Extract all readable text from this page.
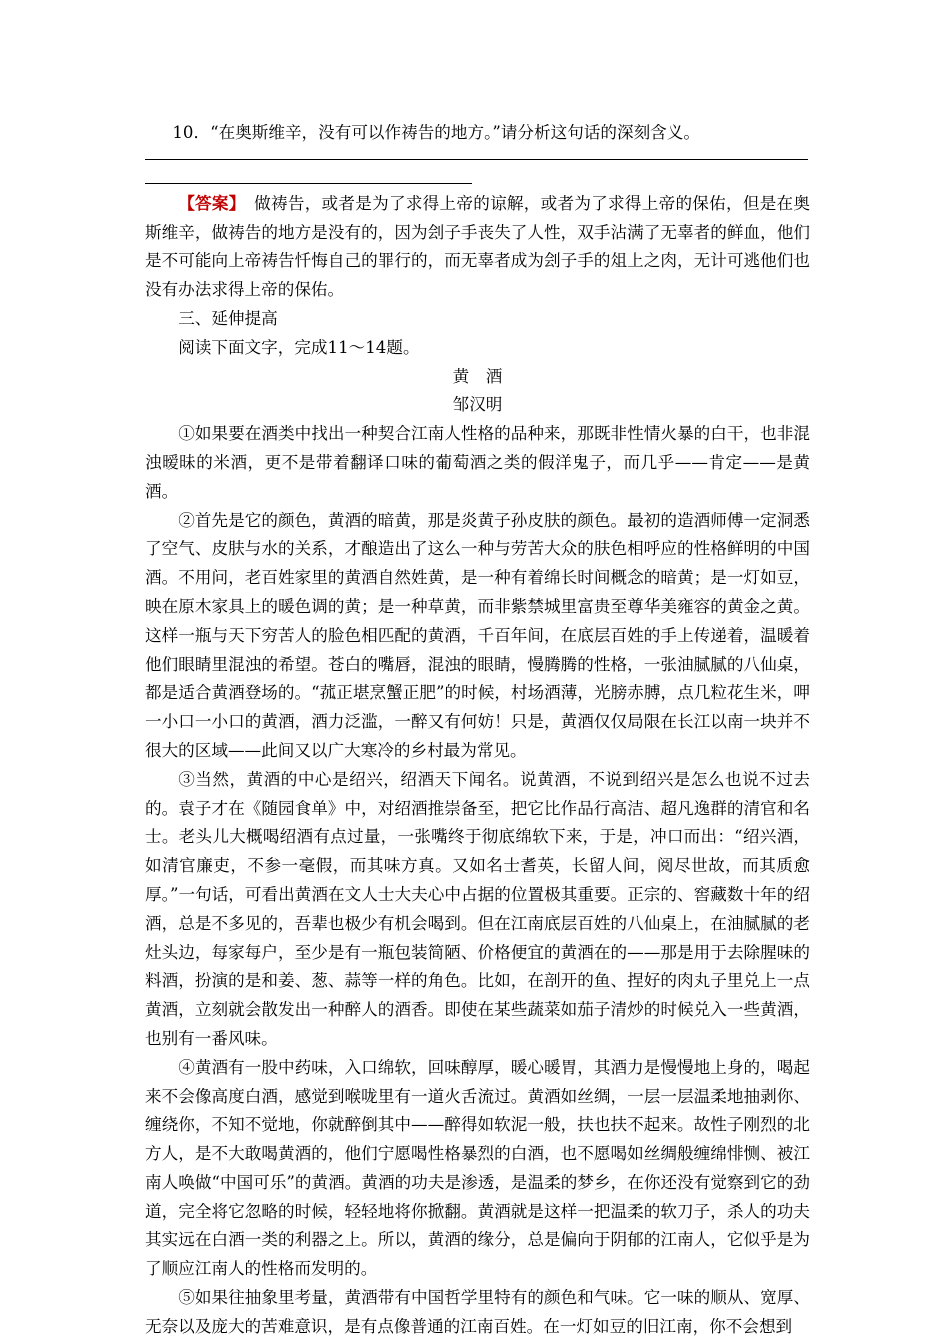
10．“在奥斯维辛，没有可以作祷告的地方。”请分析这句话的深刻含义。

【答案】　做祷告，或者是为了求得上帝的谅解，或者为了求得上帝的保佑，但是在奥斯维辛，做祷告的地方是没有的，因为刽子手丧失了人性，双手沾满了无辜者的鲜血，他们是不可能向上帝祷告忏悔自己的罪行的，而无辜者成为刽子手的俎上之肉，无计可逃他们也没有办法求得上帝的保佑。

三、延伸提高

阅读下面文字，完成11～14题。

黄　酒

邹汉明

①如果要在酒类中找出一种契合江南人性格的品种来，那既非性情火暴的白干，也非混浊暧昧的米酒，更不是带着翻译口味的葡萄酒之类的假洋鬼子，而几乎——肯定——是黄酒。

②首先是它的颜色，黄酒的暗黄，那是炎黄子孙皮肤的颜色。最初的造酒师傅一定洞悉了空气、皮肤与水的关系，才酿造出了这么一种与劳苦大众的肤色相呼应的性格鲜明的中国酒。不用问，老百姓家里的黄酒自然姓黄，是一种有着绵长时间概念的暗黄；是一灯如豆，映在原木家具上的暖色调的黄；是一种草黄，而非紫禁城里富贵至尊华美雍容的黄金之黄。这样一瓶与天下穷苦人的脸色相匹配的黄酒，千百年间，在底层百姓的手上传递着，温暖着他们眼睛里混浊的希望。苍白的嘴唇，混浊的眼睛，慢腾腾的性格，一张油腻腻的八仙桌，都是适合黄酒登场的。“菰正堪烹蟹正肥”的时候，村场酒薄，光膀赤膊，点几粒花生米，呷一小口一小口的黄酒，酒力泛滥，一醉又有何妨！只是，黄酒仅仅局限在长江以南一块并不很大的区域——此间又以广大寒冷的乡村最为常见。

③当然，黄酒的中心是绍兴，绍酒天下闻名。说黄酒，不说到绍兴是怎么也说不过去的。袁子才在《随园食单》中，对绍酒推崇备至，把它比作品行高洁、超凡逸群的清官和名士。老头儿大概喝绍酒有点过量，一张嘴终于彻底绵软下来，于是，冲口而出：“绍兴酒，如清官廉吏，不参一毫假，而其味方真。又如名士耆英，长留人间，阅尽世故，而其质愈厚。”一句话，可看出黄酒在文人士大夫心中占据的位置极其重要。正宗的、窖藏数十年的绍酒，总是不多见的，吾辈也极少有机会喝到。但在江南底层百姓的八仙桌上，在油腻腻的老灶头边，每家每户，至少是有一瓶包装简陋、价格便宜的黄酒在的——那是用于去除腥味的料酒，扮演的是和姜、葱、蒜等一样的角色。比如，在剖开的鱼、捏好的肉丸子里兑上一点黄酒，立刻就会散发出一种醉人的酒香。即使在某些蔬菜如茄子清炒的时候兑入一些黄酒，也别有一番风味。

④黄酒有一股中药味，入口绵软，回味醇厚，暖心暖胃，其酒力是慢慢地上身的，喝起来不会像高度白酒，感觉到喉咙里有一道火舌流过。黄酒如丝绸，一层一层温柔地抽剥你、缠绕你，不知不觉地，你就醉倒其中——醉得如软泥一般，扶也扶不起来。故性子刚烈的北方人，是不大敢喝黄酒的，他们宁愿喝性格暴烈的白酒，也不愿喝如丝绸般缠绵悱恻、被江南人唤做“中国可乐”的黄酒。黄酒的功夫是渗透，是温柔的梦乡，在你还没有觉察到它的劲道，完全将它忽略的时候，轻轻地将你掀翻。黄酒就是这样一把温柔的软刀子，杀人的功夫其实远在白酒一类的利器之上。所以，黄酒的缘分，总是偏向于阴郁的江南人，它似乎是为了顺应江南人的性格而发明的。

⑤如果往抽象里考量，黄酒带有中国哲学里特有的颜色和气味。它一味的顺从、宽厚、无奈以及庞大的苦难意识，是有点像普通的江南百姓。在一灯如豆的旧江南，你不会想到
